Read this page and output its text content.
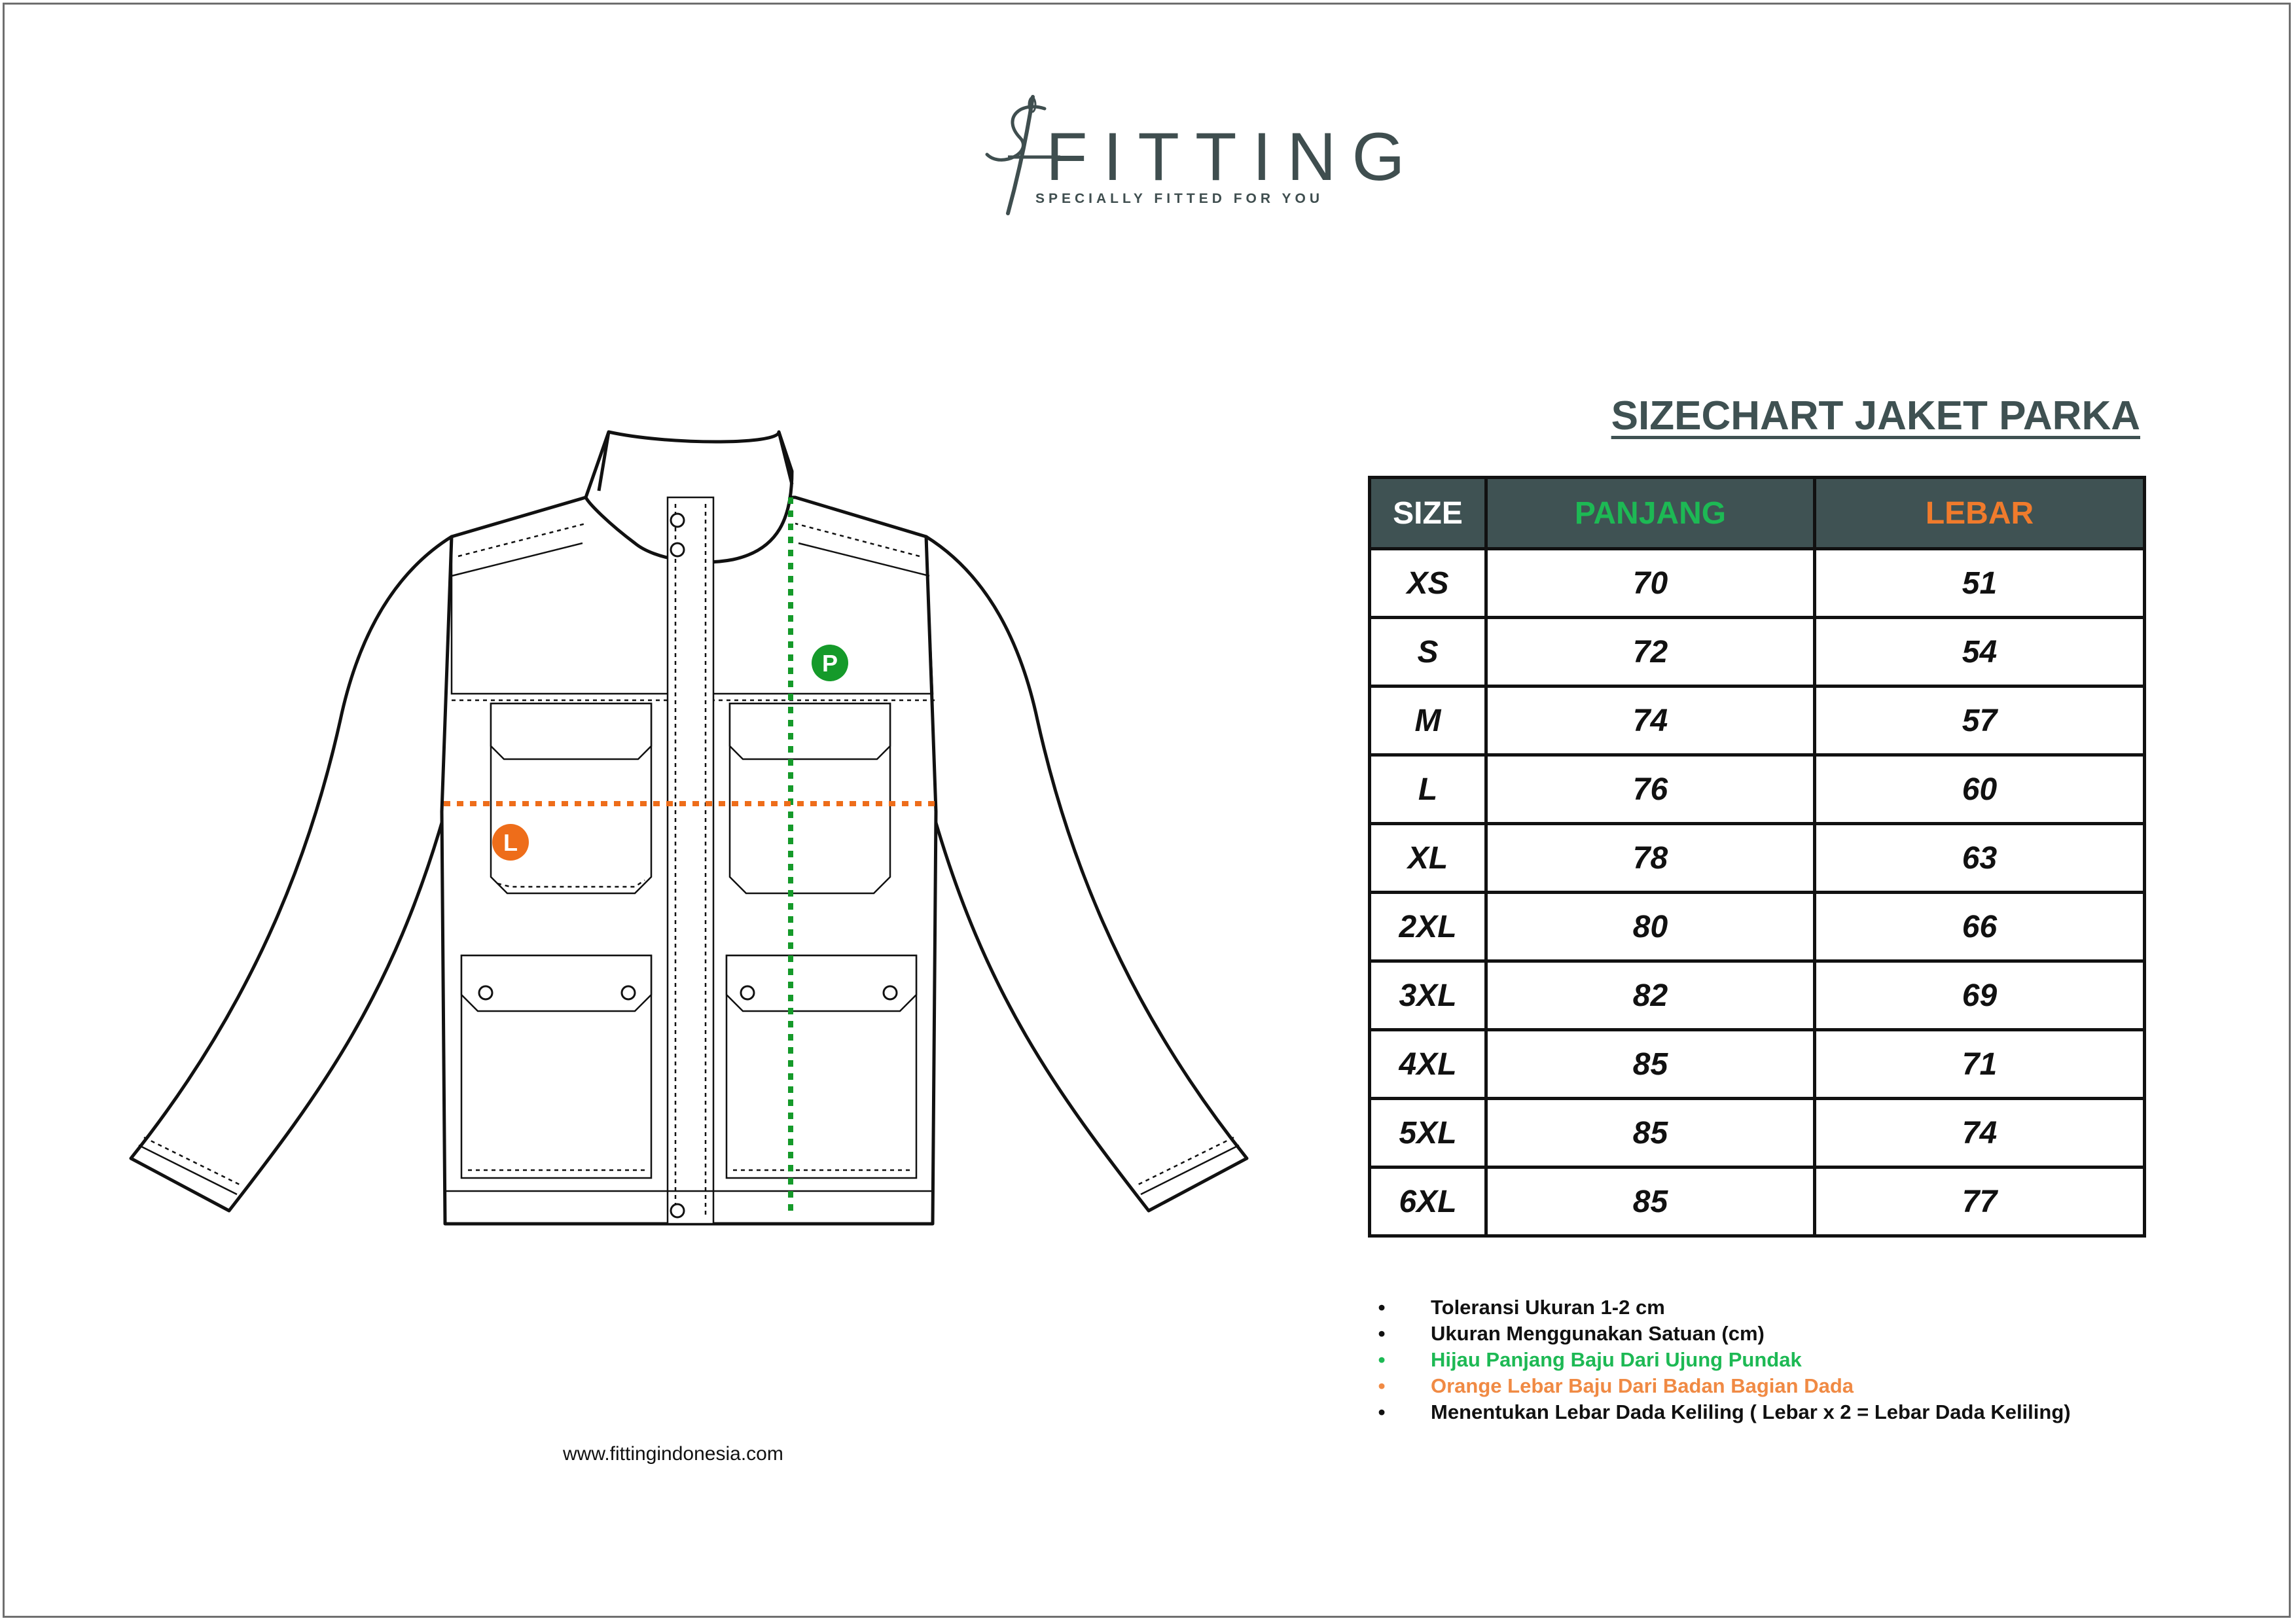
FITTING
SPECIALLY FITTED FOR YOU
P
L
SIZECHART JAKET PARKA
SIZE	PANJANG	LEBAR
XS	70	51
S	72	54
M	74	57
L	76	60
XL	78	63
2XL	80	66
3XL	82	69
4XL	85	71
5XL	85	74
6XL	85	77
•	Toleransi Ukuran 1-2 cm
•	Ukuran Menggunakan Satuan (cm)
•	Hijau Panjang Baju Dari Ujung Pundak
•	Orange Lebar Baju Dari Badan Bagian Dada
•	Menentukan Lebar Dada Keliling ( Lebar x 2 = Lebar Dada Keliling)
www.fittingindonesia.com
